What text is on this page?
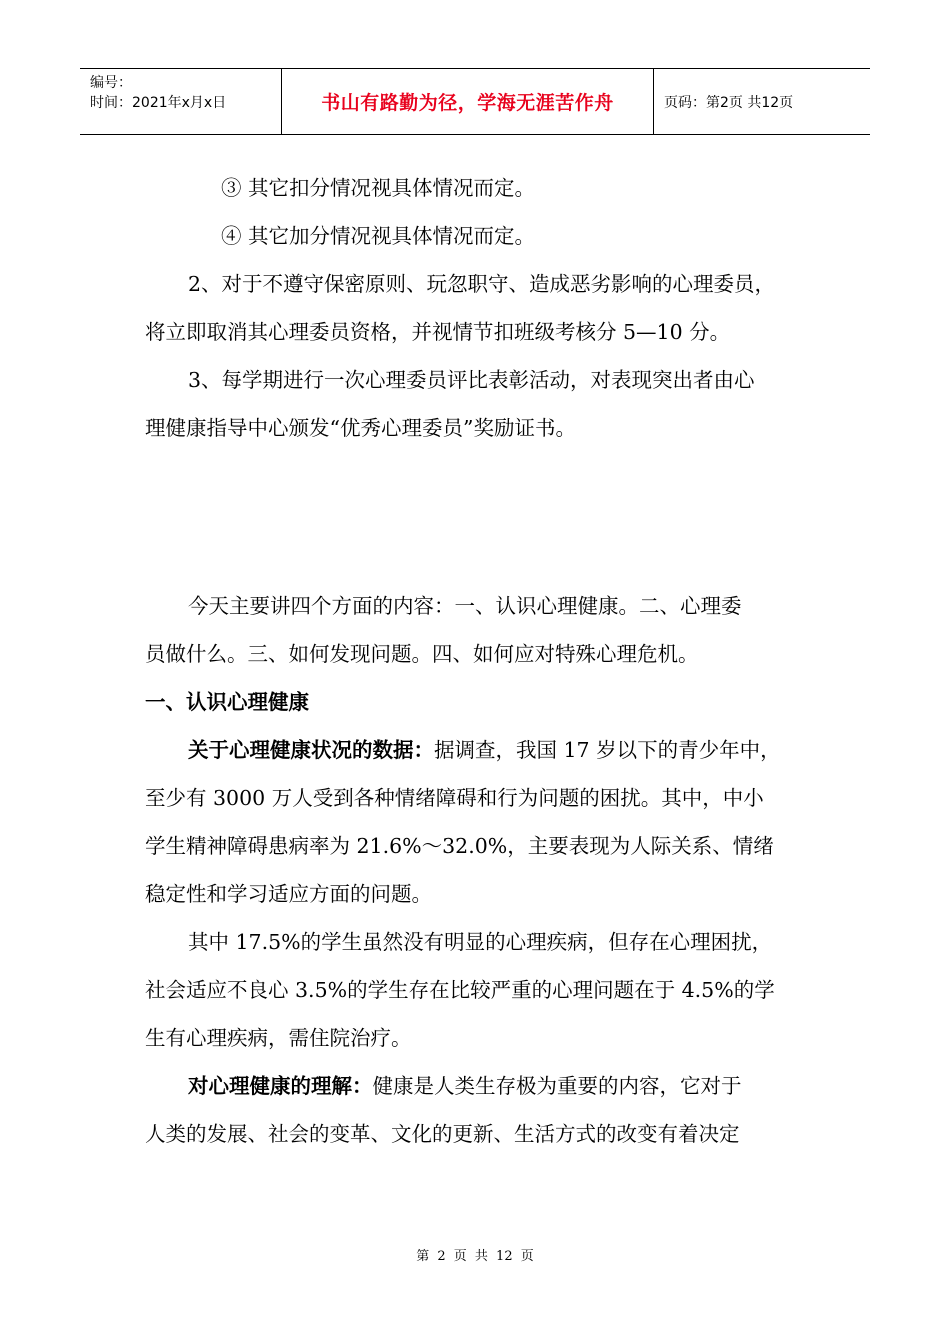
编号：
时间：2021年x月x日	书山有路勤为径，学海无涯苦作舟	页码：第2页 共12页

③ 其它扣分情况视具体情况而定。

④ 其它加分情况视具体情况而定。

2、对于不遵守保密原则、玩忽职守、造成恶劣影响的心理委员，

将立即取消其心理委员资格，并视情节扣班级考核分 5—10 分。

3、每学期进行一次心理委员评比表彰活动，对表现突出者由心

理健康指导中心颁发“优秀心理委员”奖励证书。

今天主要讲四个方面的内容：一、认识心理健康。二、心理委

员做什么。三、如何发现问题。四、如何应对特殊心理危机。

一、认识心理健康

关于心理健康状况的数据：据调查，我国 17 岁以下的青少年中，

至少有 3000 万人受到各种情绪障碍和行为问题的困扰。其中，中小

学生精神障碍患病率为 21.6%～32.0%，主要表现为人际关系、情绪

稳定性和学习适应方面的问题。

其中 17.5%的学生虽然没有明显的心理疾病，但存在心理困扰，

社会适应不良心 3.5%的学生存在比较严重的心理问题在于 4.5%的学

生有心理疾病，需住院治疗。

对心理健康的理解：健康是人类生存极为重要的内容，它对于

人类的发展、社会的变革、文化的更新、生活方式的改变有着决定

第 2 页 共 12 页
